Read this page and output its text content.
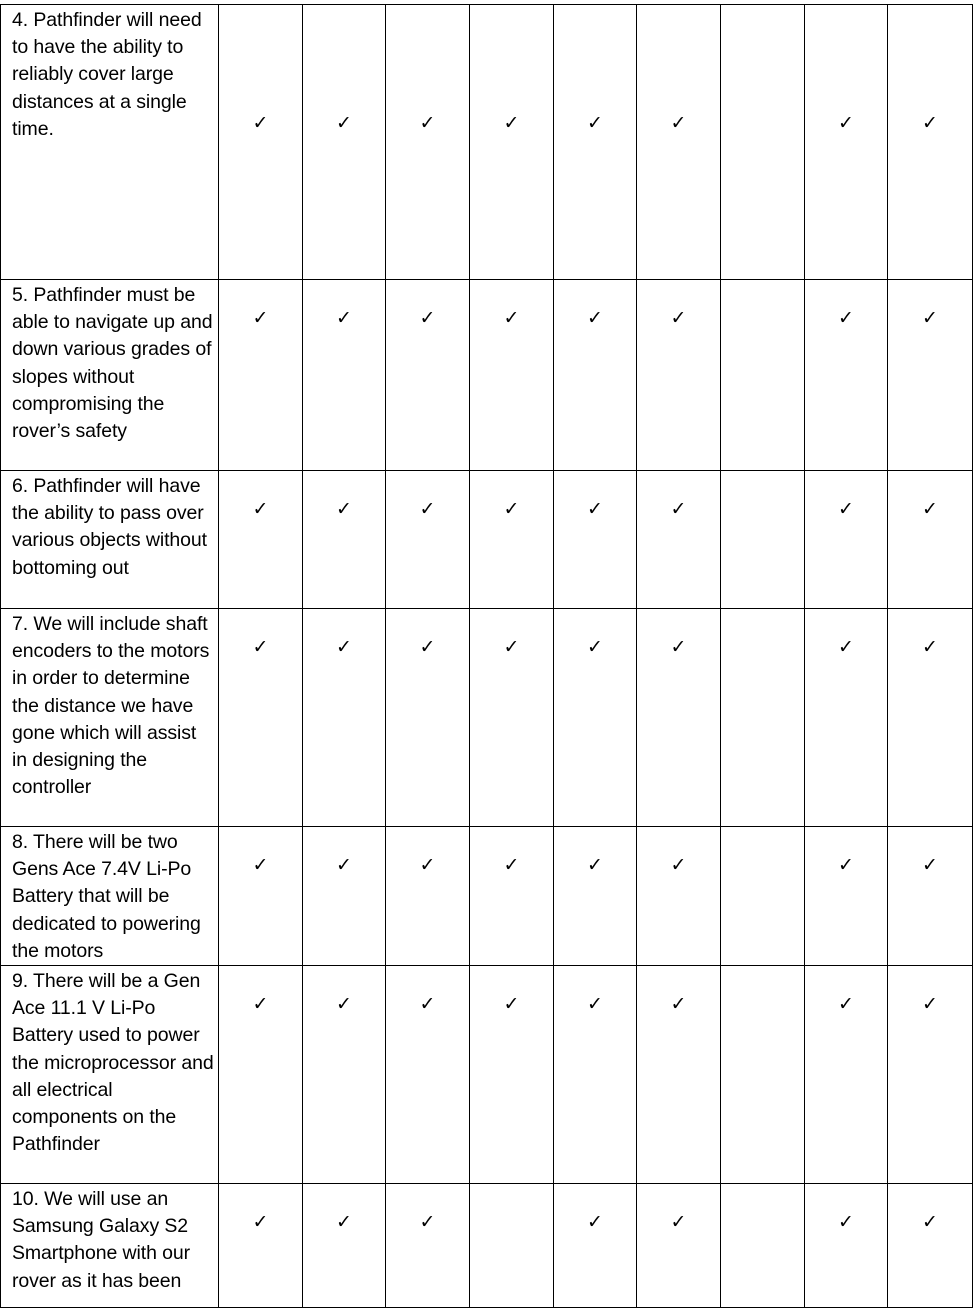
4. Pathfinder will need to have the ability to reliably cover large distances at a single time.	✓	✓	✓	✓	✓	✓		✓	✓

5. Pathfinder must be able to navigate up and down various grades of slopes without compromising the rover’s safety	✓	✓	✓	✓	✓	✓		✓	✓

6. Pathfinder will have the ability to pass over various objects without bottoming out	✓	✓	✓	✓	✓	✓		✓	✓

7. We will include shaft encoders to the motors in order to determine the distance we have gone which will assist in designing the controller	✓	✓	✓	✓	✓	✓		✓	✓

8. There will be two Gens Ace 7.4V Li-Po Battery that will be dedicated to powering the motors	✓	✓	✓	✓	✓	✓		✓	✓

9. There will be a Gen Ace 11.1 V Li-Po Battery used to power the microprocessor and all electrical components on the Pathfinder	✓	✓	✓	✓	✓	✓		✓	✓

10. We will use an Samsung Galaxy S2 Smartphone with our rover as it has been	✓	✓	✓		✓	✓		✓	✓
